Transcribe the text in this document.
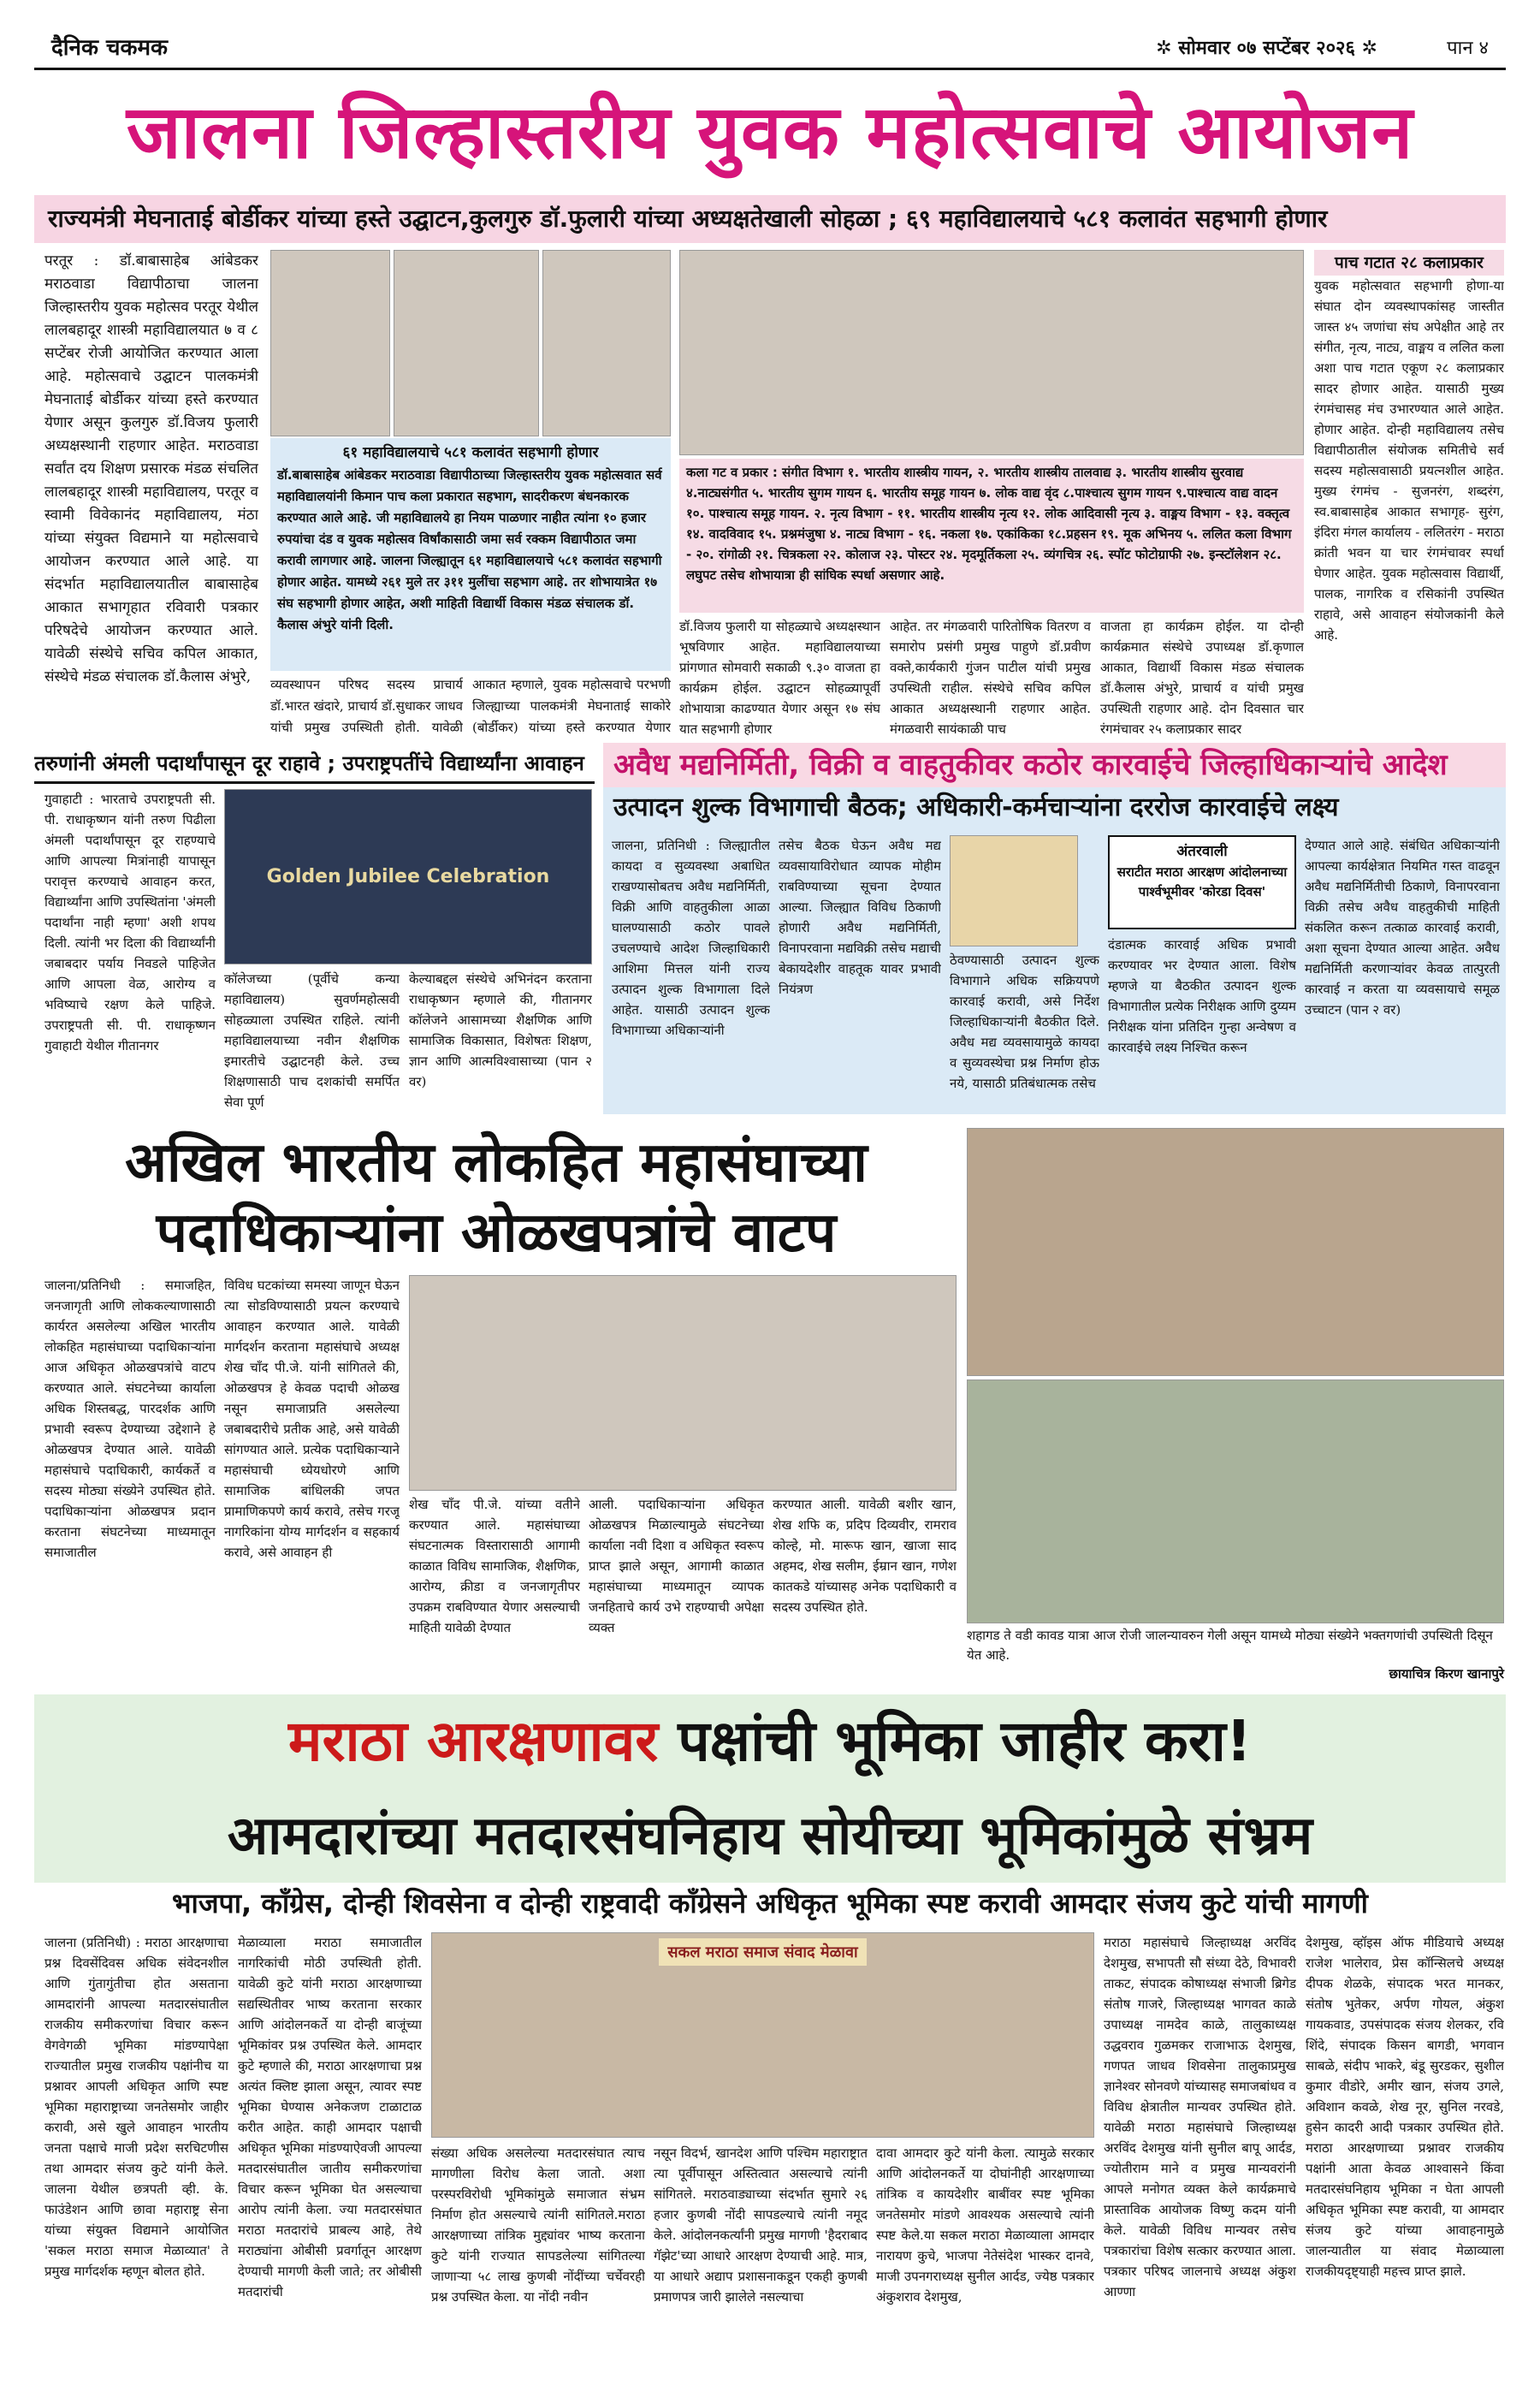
दैनिक चकमक	✲ सोमवार ०७ सप्टेंबर २०२६ ✲	पान ४
जालना जिल्हास्तरीय युवक महोत्सवाचे आयोजन
राज्यमंत्री मेघनाताई बोर्डीकर यांच्या हस्ते उद्घाटन,कुलगुरु डॉ.फुलारी यांच्या अध्यक्षतेखाली सोहळा ; ६९ महाविद्यालयाचे ५८१ कलावंत सहभागी होणार
परतूर : डॉ.बाबासाहेब आंबेडकर मराठवाडा विद्यापीठाचा जालना जिल्हास्तरीय युवक महोत्सव परतूर येथील लालबहादूर शास्त्री महाविद्यालयात ७ व ८ सप्टेंबर रोजी आयोजित करण्यात आला आहे. महोत्सवाचे उद्घाटन पालकमंत्री मेघनाताई बोर्डीकर यांच्या हस्ते करण्यात येणार असून कुलगुरु डॉ.विजय फुलारी अध्यक्षस्थानी राहणार आहेत. मराठवाडा सर्वांत दय शिक्षण प्रसारक मंडळ संचलित लालबहादूर शास्त्री महाविद्यालय, परतूर व स्वामी विवेकानंद महाविद्यालय, मंठा यांच्या संयुक्त विद्यमाने या महोत्सवाचे आयोजन करण्यात आले आहे. या संदर्भात महाविद्यालयातील बाबासाहेब आकात सभागृहात रविवारी पत्रकार परिषदेचे आयोजन करण्यात आले. यावेळी संस्थेचे सचिव कपिल आकात, संस्थेचे मंडळ संचालक डॉ.कैलास अंभुरे,
६१ महाविद्यालयाचे ५८१ कलावंत सहभागी होणार
डॉ.बाबासाहेब आंबेडकर मराठवाडा विद्यापीठाच्या जिल्हास्तरीय युवक महोत्सवात सर्व महाविद्यालयांनी किमान पाच कला प्रकारात सहभाग, सादरीकरण बंधनकारक करण्यात आले आहे. जी महाविद्यालये हा नियम पाळणार नाहीत त्यांना १० हजार रुपयांचा दंड व युवक महोत्सव विर्षांकासाठी जमा सर्व रक्कम विद्यापीठात जमा करावी लागणार आहे. जालना जिल्ह्यातून ६१ महाविद्यालयाचे ५८१ कलावंत सहभागी होणार आहेत. यामध्ये २६१ मुले तर ३११ मुलींचा सहभाग आहे. तर शोभायात्रेत १७ संघ सहभागी होणार आहेत, अशी माहिती विद्यार्थी विकास मंडळ संचालक डॉ. कैलास अंभुरे यांनी दिली.
व्यवस्थापन परिषद सदस्य प्राचार्य डॉ.भारत खंदारे, प्राचार्य डॉ.सुधाकर जाधव यांची प्रमुख उपस्थिती होती. यावेळी
आकात म्हणाले, युवक महोत्सवाचे परभणी जिल्ह्याच्या पालकमंत्री मेघनाताई साकोरे (बोर्डीकर) यांच्या हस्ते करण्यात येणार
कला गट व प्रकार : संगीत विभाग १. भारतीय शास्त्रीय गायन, २. भारतीय शास्त्रीय तालवाद्य ३. भारतीय शास्त्रीय सुरवाद्य ४.नाट्यसंगीत ५. भारतीय सुगम गायन ६. भारतीय समूह गायन ७. लोक वाद्य वृंद ८.पाश्चात्य सुगम गायन ९.पाश्चात्य वाद्य वादन १०. पाश्चात्य समूह गायन. २. नृत्य विभाग - ११. भारतीय शास्त्रीय नृत्य १२. लोक आदिवासी नृत्य ३. वाङ्मय विभाग - १३. वक्तृत्व १४. वादविवाद १५. प्रश्नमंजुषा ४. नाट्य विभाग - १६. नकला १७. एकांकिका १८.प्रहसन १९. मूक अभिनय ५. ललित कला विभाग - २०. रांगोळी २१. चित्रकला २२. कोलाज २३. पोस्टर २४. मृदमूर्तिकला २५. व्यंगचित्र २६. स्पॉट फोटोग्राफी २७. इन्स्टॉलेशन २८. लघुपट तसेच शोभायात्रा ही सांघिक स्पर्धा असणार आहे.
डॉ.विजय फुलारी या सोहळ्याचे अध्यक्षस्थान भूषविणार आहेत. महाविद्यालयाच्या प्रांगणात सोमवारी सकाळी ९.३० वाजता हा कार्यक्रम होईल. उद्घाटन सोहळ्यापूर्वी शोभायात्रा काढण्यात येणार असून १७ संघ यात सहभागी होणार
आहेत. तर मंगळवारी पारितोषिक वितरण व समारोप प्रसंगी प्रमुख पाहुणे डॉ.प्रवीण वक्ते,कार्यकारी गुंजन पाटील यांची प्रमुख उपस्थिती राहील. संस्थेचे सचिव कपिल आकात अध्यक्षस्थानी राहणार आहेत. मंगळवारी सायंकाळी पाच
वाजता हा कार्यक्रम होईल. या दोन्ही कार्यक्रमात संस्थेचे उपाध्यक्ष डॉ.कृणाल आकात, विद्यार्थी विकास मंडळ संचालक डॉ.कैलास अंभुरे, प्राचार्य व यांची प्रमुख उपस्थिती राहणार आहे. दोन दिवसात चार रंगमंचावर २५ कलाप्रकार सादर
पाच गटात २८ कलाप्रकार
युवक महोत्सवात सहभागी होणा-या संघात दोन व्यवस्थापकांसह जास्तीत जास्त ४५ जणांचा संघ अपेक्षीत आहे तर संगीत, नृत्य, नाट्य, वाङ्मय व ललित कला अशा पाच गटात एकूण २८ कलाप्रकार सादर होणार आहेत. यासाठी मुख्य रंगमंचासह मंच उभारण्यात आले आहेत. होणार आहेत. दोन्ही महाविद्यालय तसेच विद्यापीठातील संयोजक समितीचे सर्व सदस्य महोत्सवासाठी प्रयत्नशील आहेत. मुख्य रंगमंच - सुजनरंग, शब्दरंग, स्व.बाबासाहेब आकात सभागृह- सुरंग, इंदिरा मंगल कार्यालय - ललितरंग - मराठा क्रांती भवन या चार रंगमंचावर स्पर्धा घेणार आहेत. युवक महोत्सवास विद्यार्थी, पालक, नागरिक व रसिकांनी उपस्थित राहावे, असे आवाहन संयोजकांनी केले आहे.
तरुणांनी अंमली पदार्थांपासून दूर राहावे ; उपराष्ट्रपतींचे विद्यार्थ्यांना आवाहन
गुवाहाटी : भारताचे उपराष्ट्रपती सी. पी. राधाकृष्णन यांनी तरुण पिढीला अंमली पदार्थांपासून दूर राहण्याचे आणि आपल्या मित्रांनाही यापासून परावृत्त करण्याचे आवाहन करत, विद्यार्थ्यांना आणि उपस्थितांना 'अंमली पदार्थांना नाही म्हणा' अशी शपथ दिली. त्यांनी भर दिला की विद्यार्थ्यांनी जबाबदार पर्याय निवडले पाहिजेत आणि आपला वेळ, आरोग्य व भविष्याचे रक्षण केले पाहिजे. उपराष्ट्रपती सी. पी. राधाकृष्णन गुवाहाटी येथील गीतानगर
Golden Jubilee Celebration
कॉलेजच्या (पूर्वीचे कन्या महाविद्यालय) सुवर्णमहोत्सवी सोहळ्याला उपस्थित राहिले. त्यांनी महाविद्यालयाच्या नवीन शैक्षणिक इमारतीचे उद्घाटनही केले. उच्च शिक्षणासाठी पाच दशकांची समर्पित सेवा पूर्ण
केल्याबद्दल संस्थेचे अभिनंदन करताना राधाकृष्णन म्हणाले की, गीतानगर कॉलेजने आसामच्या शैक्षणिक आणि सामाजिक विकासात, विशेषतः शिक्षण, ज्ञान आणि आत्मविश्वासाच्या (पान २ वर)
अवैध मद्यनिर्मिती, विक्री व वाहतुकीवर कठोर कारवाईचे जिल्हाधिकाऱ्यांचे आदेश
उत्पादन शुल्क विभागाची बैठक; अधिकारी-कर्मचाऱ्यांना दररोज कारवाईचे लक्ष्य
जालना, प्रतिनिधी : जिल्ह्यातील कायदा व सुव्यवस्था अबाधित राखण्यासोबतच अवैध मद्यनिर्मिती, विक्री आणि वाहतुकीला आळा घालण्यासाठी कठोर पावले उचलण्याचे आदेश जिल्हाधिकारी आशिमा मित्तल यांनी राज्य उत्पादन शुल्क विभागाला दिले आहेत. यासाठी उत्पादन शुल्क विभागाच्या अधिकाऱ्यांनी
तसेच बैठक घेऊन अवैध मद्य व्यवसायाविरोधात व्यापक मोहीम राबविण्याच्या सूचना देण्यात आल्या. जिल्ह्यात विविध ठिकाणी होणारी अवैध मद्यनिर्मिती, विनापरवाना मद्यविक्री तसेच मद्याची बेकायदेशीर वाहतूक यावर प्रभावी नियंत्रण
ठेवण्यासाठी उत्पादन शुल्क विभागाने अधिक सक्रियपणे कारवाई करावी, असे निर्देश जिल्हाधिकाऱ्यांनी बैठकीत दिले. अवैध मद्य व्यवसायामुळे कायदा व सुव्यवस्थेचा प्रश्न निर्माण होऊ नये, यासाठी प्रतिबंधात्मक तसेच
अंतरवाली
सराटीत मराठा आरक्षण आंदोलनाच्या पार्श्वभूमीवर 'कोरडा दिवस'
दंडात्मक कारवाई अधिक प्रभावी करण्यावर भर देण्यात आला. विशेष म्हणजे या बैठकीत उत्पादन शुल्क विभागातील प्रत्येक निरीक्षक आणि दुय्यम निरीक्षक यांना प्रतिदिन गुन्हा अन्वेषण व कारवाईचे लक्ष्य निश्चित करून
देण्यात आले आहे. संबंधित अधिकाऱ्यांनी आपल्या कार्यक्षेत्रात नियमित गस्त वाढवून अवैध मद्यनिर्मितीची ठिकाणे, विनापरवाना विक्री तसेच अवैध वाहतुकीची माहिती संकलित करून तत्काळ कारवाई करावी, अशा सूचना देण्यात आल्या आहेत. अवैध मद्यनिर्मिती करणाऱ्यांवर केवळ तात्पुरती कारवाई न करता या व्यवसायाचे समूळ उच्चाटन (पान २ वर)
अखिल भारतीय लोकहित महासंघाच्या
पदाधिकाऱ्यांना ओळखपत्रांचे वाटप
जालना/प्रतिनिधी : समाजहित, जनजागृती आणि लोककल्याणासाठी कार्यरत असलेल्या अखिल भारतीय लोकहित महासंघाच्या पदाधिकाऱ्यांना आज अधिकृत ओळखपत्रांचे वाटप करण्यात आले. संघटनेच्या कार्याला अधिक शिस्तबद्ध, पारदर्शक आणि प्रभावी स्वरूप देण्याच्या उद्देशाने हे ओळखपत्र देण्यात आले. यावेळी महासंघाचे पदाधिकारी, कार्यकर्ते व सदस्य मोठ्या संख्येने उपस्थित होते. पदाधिकाऱ्यांना ओळखपत्र प्रदान करताना संघटनेच्या माध्यमातून समाजातील
विविध घटकांच्या समस्या जाणून घेऊन त्या सोडविण्यासाठी प्रयत्न करण्याचे आवाहन करण्यात आले. यावेळी मार्गदर्शन करताना महासंघाचे अध्यक्ष शेख चाँद पी.जे. यांनी सांगितले की, ओळखपत्र हे केवळ पदाची ओळख नसून समाजाप्रति असलेल्या जबाबदारीचे प्रतीक आहे, असे यावेळी सांगण्यात आले. प्रत्येक पदाधिकाऱ्याने महासंघाची ध्येयधोरणे आणि सामाजिक बांधिलकी जपत प्रामाणिकपणे कार्य करावे, तसेच गरजू नागरिकांना योग्य मार्गदर्शन व सहकार्य करावे, असे आवाहन ही
शेख चाँद पी.जे. यांच्या वतीने करण्यात आले. महासंघाच्या संघटनात्मक विस्तारासाठी आगामी काळात विविध सामाजिक, शैक्षणिक, आरोग्य, क्रीडा व जनजागृतीपर उपक्रम राबविण्यात येणार असल्याची माहिती यावेळी देण्यात
आली. पदाधिकाऱ्यांना अधिकृत ओळखपत्र मिळाल्यामुळे संघटनेच्या कार्याला नवी दिशा व अधिकृत स्वरूप प्राप्त झाले असून, आगामी काळात महासंघाच्या माध्यमातून व्यापक जनहिताचे कार्य उभे राहण्याची अपेक्षा व्यक्त
करण्यात आली. यावेळी बशीर खान, शेख शफि क, प्रदिप दिव्यवीर, रामराव कोल्हे, मो. मारूफ खान, खाजा साद अहमद, शेख सलीम, ईम्रान खान, गणेश कातकडे यांच्यासह अनेक पदाधिकारी व सदस्य उपस्थित होते.
शहागड ते वडी कावड यात्रा आज रोजी जालन्यावरुन गेली असून यामध्ये मोठ्या संख्येने भक्तगणांची उपस्थिती दिसून येत आहे.
छायाचित्र किरण खानापुरे
मराठा आरक्षणावर पक्षांची भूमिका जाहीर करा!
आमदारांच्या मतदारसंघनिहाय सोयीच्या भूमिकांमुळे संभ्रम
भाजपा, काँग्रेस, दोन्ही शिवसेना व दोन्ही राष्ट्रवादी काँग्रेसने अधिकृत भूमिका स्पष्ट करावी आमदार संजय कुटे यांची मागणी
जालना (प्रतिनिधी) : मराठा आरक्षणाचा प्रश्न दिवसेंदिवस अधिक संवेदनशील आणि गुंतागुंतीचा होत असताना आमदारांनी आपल्या मतदारसंघातील राजकीय समीकरणांचा विचार करून वेगवेगळी भूमिका मांडण्यापेक्षा राज्यातील प्रमुख राजकीय पक्षांनीच या प्रश्नावर आपली अधिकृत आणि स्पष्ट भूमिका महाराष्ट्राच्या जनतेसमोर जाहीर करावी, असे खुले आवाहन भारतीय जनता पक्षाचे माजी प्रदेश सरचिटणीस तथा आमदार संजय कुटे यांनी केले. जालना येथील छत्रपती व्ही. के. फाउंडेशन आणि छावा महाराष्ट्र सेना यांच्या संयुक्त विद्यमाने आयोजित 'सकल मराठा समाज मेळाव्यात' ते प्रमुख मार्गदर्शक म्हणून बोलत होते.
मेळाव्याला मराठा समाजातील नागरिकांची मोठी उपस्थिती होती. यावेळी कुटे यांनी मराठा आरक्षणाच्या सद्यस्थितीवर भाष्य करताना सरकार आणि आंदोलनकर्ते या दोन्ही बाजूंच्या भूमिकांवर प्रश्न उपस्थित केले. आमदार कुटे म्हणाले की, मराठा आरक्षणाचा प्रश्न अत्यंत क्लिष्ट झाला असून, त्यावर स्पष्ट भूमिका घेण्यास अनेकजण टाळाटाळ करीत आहेत. काही आमदार पक्षाची अधिकृत भूमिका मांडण्याऐवजी आपल्या मतदारसंघातील जातीय समीकरणांचा विचार करून भूमिका घेत असल्याचा आरोप त्यांनी केला. ज्या मतदारसंघात मराठा मतदारांचे प्राबल्य आहे, तेथे मराठ्यांना ओबीसी प्रवर्गातून आरक्षण देण्याची मागणी केली जाते; तर ओबीसी मतदारांची
सकल मराठा समाज संवाद मेळावा
संख्या अधिक असलेल्या मतदारसंघात त्याच मागणीला विरोध केला जातो. अशा परस्परविरोधी भूमिकांमुळे समाजात संभ्रम निर्माण होत असल्याचे त्यांनी सांगितले.मराठा आरक्षणाच्या तांत्रिक मुद्द्यांवर भाष्य करताना कुटे यांनी राज्यात सापडलेल्या सांगितल्या जाणाऱ्या ५८ लाख कुणबी नोंदींच्या चर्चेवरही प्रश्न उपस्थित केला. या नोंदी नवीन
नसून विदर्भ, खानदेश आणि पश्चिम महाराष्ट्रात त्या पूर्वीपासून अस्तित्वात असल्याचे त्यांनी सांगितले. मराठवाड्याच्या संदर्भात सुमारे २६ हजार कुणबी नोंदी सापडल्याचे त्यांनी नमूद केले. आंदोलनकर्त्यांनी प्रमुख मागणी 'हैदराबाद गॅझेट'च्या आधारे आरक्षण देण्याची आहे. मात्र, या आधारे अद्याप प्रशासनाकडून एकही कुणबी प्रमाणपत्र जारी झालेले नसल्याचा
दावा आमदार कुटे यांनी केला. त्यामुळे सरकार आणि आंदोलनकर्ते या दोघांनीही आरक्षणाच्या तांत्रिक व कायदेशीर बाबींवर स्पष्ट भूमिका जनतेसमोर मांडणे आवश्यक असल्याचे त्यांनी स्पष्ट केले.या सकल मराठा मेळाव्याला आमदार नारायण कुचे, भाजपा नेतेसंदेश भास्कर दानवे, माजी उपनगराध्यक्ष सुनील आर्दड, ज्येष्ठ पत्रकार अंकुशराव देशमुख,
मराठा महासंघाचे जिल्हाध्यक्ष अरविंद देशमुख, सभापती सौ संध्या देठे, विभावरी ताकट, संपादक कोषाध्यक्ष संभाजी ब्रिगेड संतोष गाजरे, जिल्हाध्यक्ष भागवत काळे उपाध्यक्ष नामदेव काळे, तालुकाध्यक्ष उद्धवराव गुळमकर राजाभाऊ देशमुख, गणपत जाधव शिवसेना तालुकाप्रमुख ज्ञानेश्वर सोनवणे यांच्यासह समाजबांधव व विविध क्षेत्रातील मान्यवर उपस्थित होते. यावेळी मराठा महासंघाचे जिल्हाध्यक्ष अरविंद देशमुख यांनी सुनील बापू आर्दड, ज्योतीराम माने व प्रमुख मान्यवरांनी आपले मनोगत व्यक्त केले कार्यक्रमाचे प्रास्ताविक आयोजक विष्णु कदम यांनी केले. यावेळी विविध मान्यवर तसेच पत्रकारांचा विशेष सत्कार करण्यात आला. पत्रकार परिषद जालनाचे अध्यक्ष अंकुश आण्णा
देशमुख, व्हॉइस ऑफ मीडियाचे अध्यक्ष राजेश भालेराव, प्रेस कॉन्सिलचे अध्यक्ष दीपक शेळके, संपादक भरत मानकर, संतोष भुतेकर, अर्पण गोयल, अंकुश गायकवाड, उपसंपादक संजय शेलकर, रवि शिंदे, संपादक किसन बागडी, भगवान साबळे, संदीप भाकरे, बंडू सुरडकर, सुशील कुमार वीडोरे, अमीर खान, संजय उगले, अविशान कवळे, शेख नूर, सुनिल नरवडे, हुसेन कादरी आदी पत्रकार उपस्थित होते. मराठा आरक्षणाच्या प्रश्नावर राजकीय पक्षांनी आता केवळ आश्वासने किंवा मतदारसंघनिहाय भूमिका न घेता आपली अधिकृत भूमिका स्पष्ट करावी, या आमदार संजय कुटे यांच्या आवाहनामुळे जालन्यातील या संवाद मेळाव्याला राजकीयदृष्ट्याही महत्त्व प्राप्त झाले.
